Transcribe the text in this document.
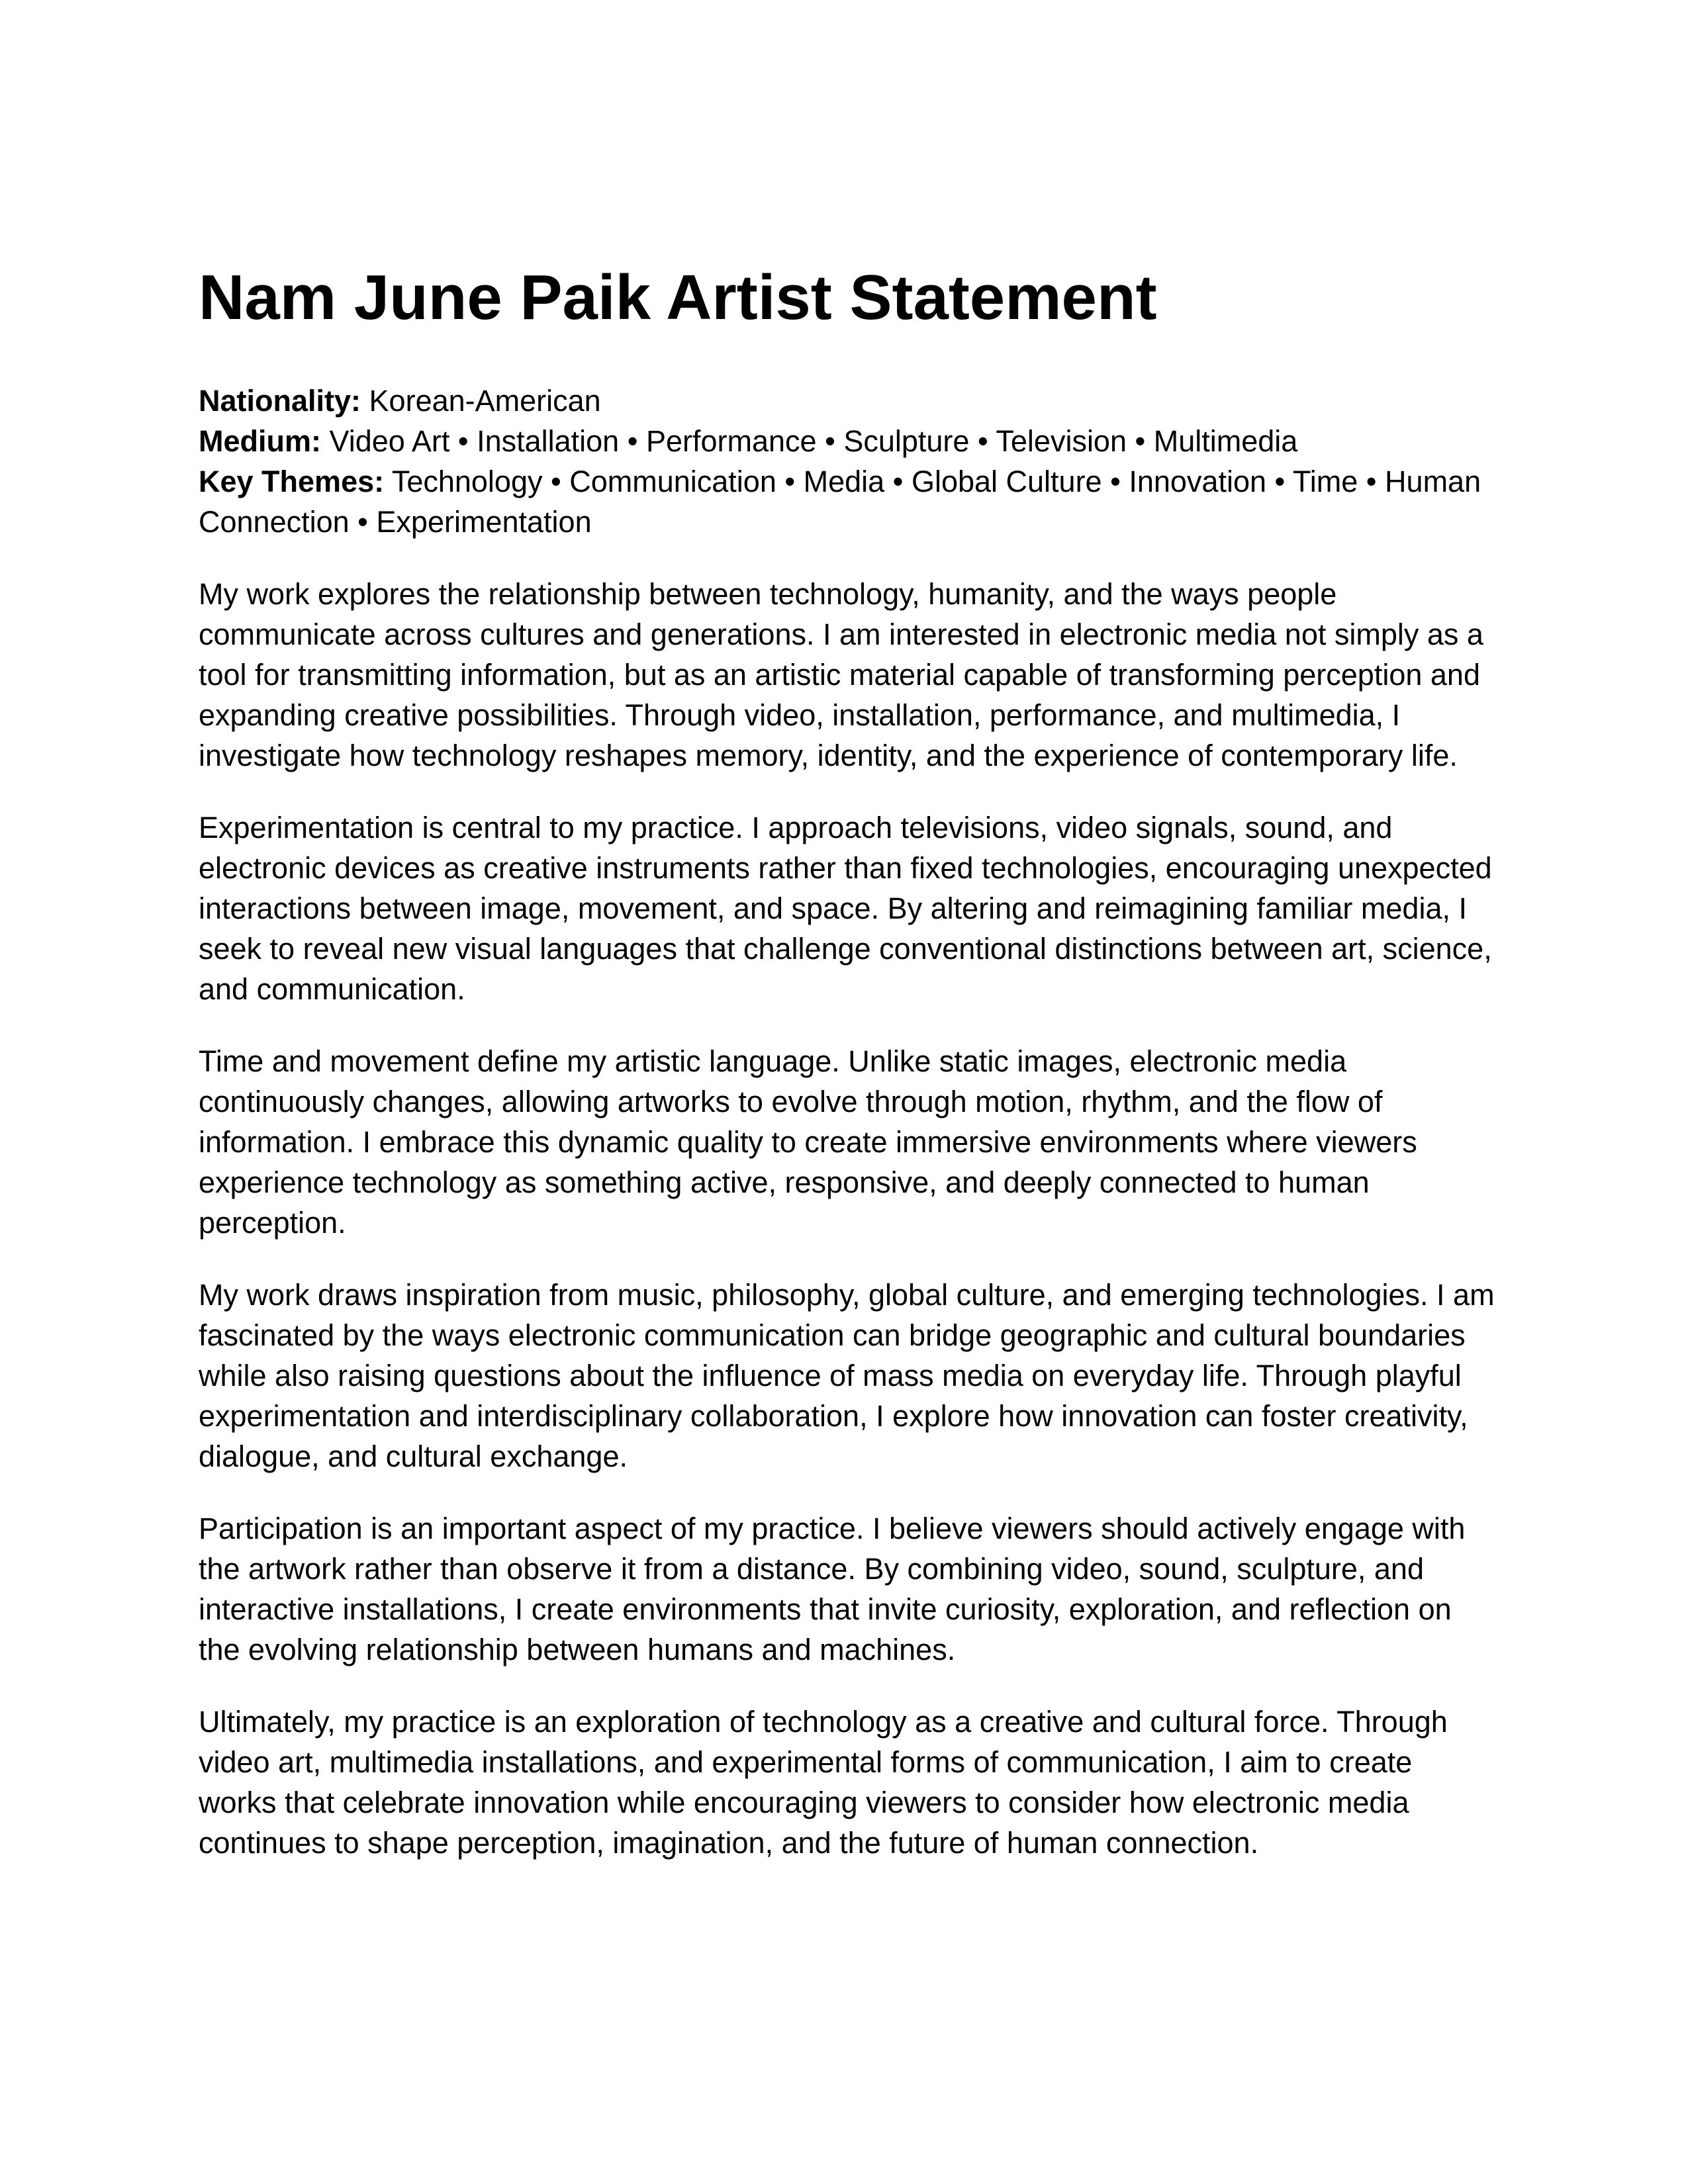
Nam June Paik Artist Statement
Nationality: Korean-American
Medium: Video Art • Installation • Performance • Sculpture • Television • Multimedia
Key Themes: Technology • Communication • Media • Global Culture • Innovation • Time • Human Connection • Experimentation

My work explores the relationship between technology, humanity, and the ways people communicate across cultures and generations. I am interested in electronic media not simply as a tool for transmitting information, but as an artistic material capable of transforming perception and expanding creative possibilities. Through video, installation, performance, and multimedia, I investigate how technology reshapes memory, identity, and the experience of contemporary life.

Experimentation is central to my practice. I approach televisions, video signals, sound, and electronic devices as creative instruments rather than fixed technologies, encouraging unexpected interactions between image, movement, and space. By altering and reimagining familiar media, I seek to reveal new visual languages that challenge conventional distinctions between art, science, and communication.

Time and movement define my artistic language. Unlike static images, electronic media continuously changes, allowing artworks to evolve through motion, rhythm, and the flow of information. I embrace this dynamic quality to create immersive environments where viewers experience technology as something active, responsive, and deeply connected to human perception.

My work draws inspiration from music, philosophy, global culture, and emerging technologies. I am fascinated by the ways electronic communication can bridge geographic and cultural boundaries while also raising questions about the influence of mass media on everyday life. Through playful experimentation and interdisciplinary collaboration, I explore how innovation can foster creativity, dialogue, and cultural exchange.

Participation is an important aspect of my practice. I believe viewers should actively engage with the artwork rather than observe it from a distance. By combining video, sound, sculpture, and interactive installations, I create environments that invite curiosity, exploration, and reflection on the evolving relationship between humans and machines.

Ultimately, my practice is an exploration of technology as a creative and cultural force. Through video art, multimedia installations, and experimental forms of communication, I aim to create works that celebrate innovation while encouraging viewers to consider how electronic media continues to shape perception, imagination, and the future of human connection.
